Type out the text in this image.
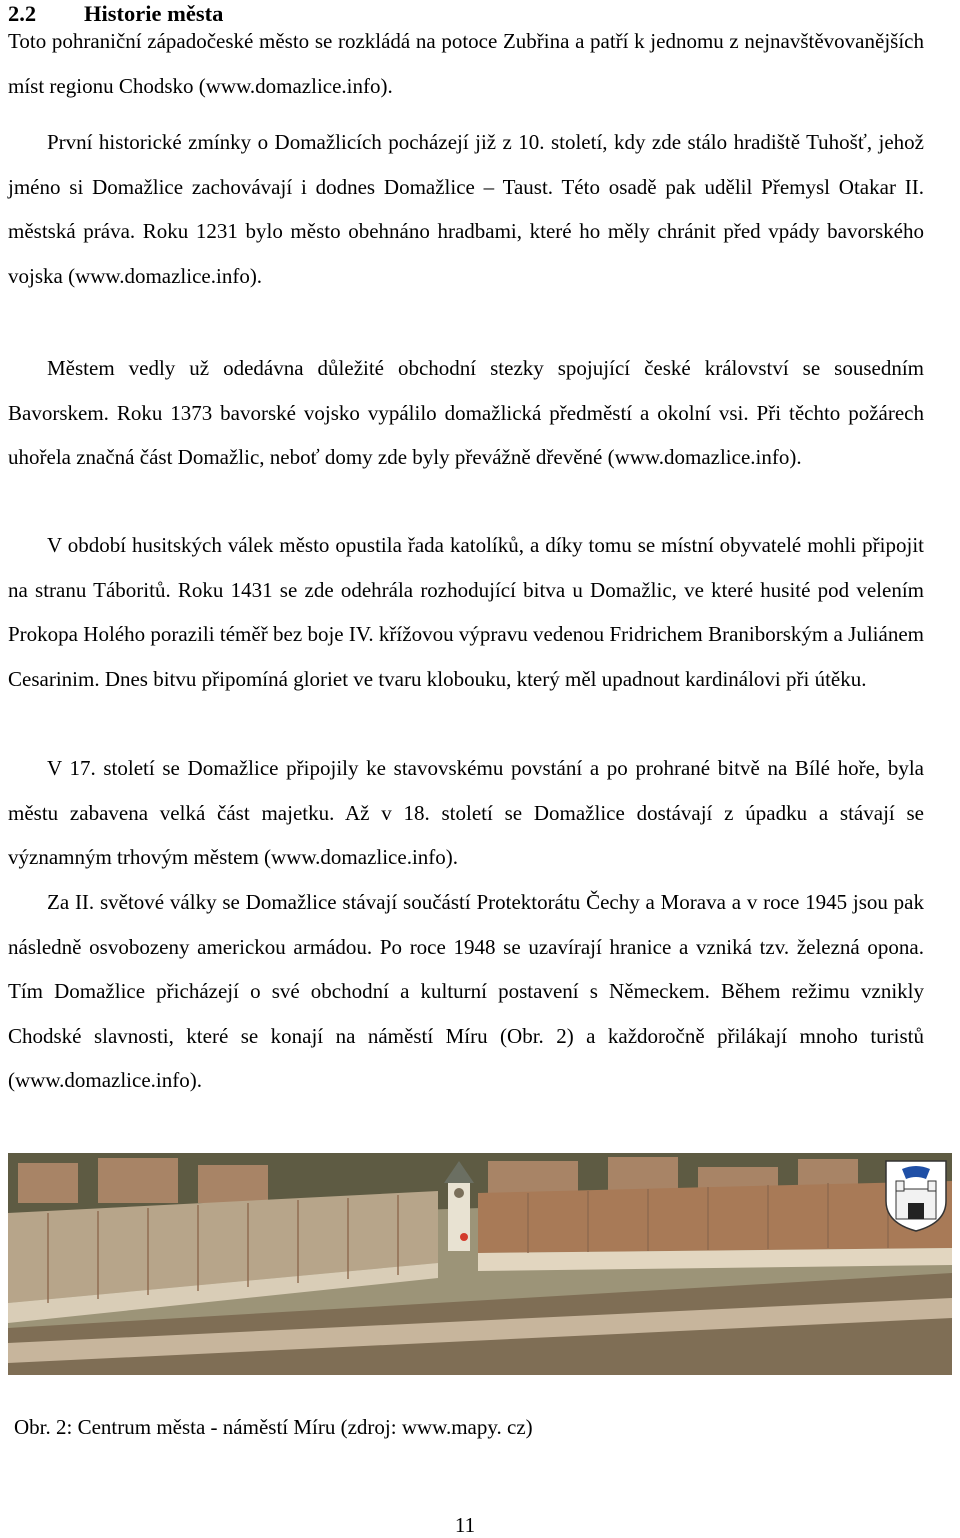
2.2 Historie města

Toto pohraniční západočeské město se rozkládá na potoce Zubřina a patří k jednomu z nejnavštěvovanějších míst regionu Chodsko (www.domazlice.info).

První historické zmínky o Domažlicích pocházejí již z 10. století, kdy zde stálo hradiště Tuhošť, jehož jméno si Domažlice zachovávají i dodnes Domažlice – Taust. Této osadě pak udělil Přemysl Otakar II. městská práva. Roku 1231 bylo město obehnáno hradbami, které ho měly chránit před vpády bavorského vojska (www.domazlice.info).

Městem vedly už odedávna důležité obchodní stezky spojující české království se sousedním Bavorskem. Roku 1373 bavorské vojsko vypálilo domažlická předměstí a okolní vsi. Při těchto požárech uhořela značná část Domažlic, neboť domy zde byly převážně dřevěné (www.domazlice.info).

V období husitských válek město opustila řada katolíků, a díky tomu se místní obyvatelé mohli připojit na stranu Táboritů. Roku 1431 se zde odehrála rozhodující bitva u Domažlic, ve které husité pod velením Prokopa Holého porazili téměř bez boje IV. křížovou výpravu vedenou Fridrichem Braniborským a Juliánem Cesarinim. Dnes bitvu připomíná gloriet ve tvaru klobouku, který měl upadnout kardinálovi při útěku.

V 17. století se Domažlice připojily ke stavovskému povstání a po prohrané bitvě na Bílé hoře, byla městu zabavena velká část majetku. Až v 18. století se Domažlice dostávají z úpadku a stávají se významným trhovým městem (www.domazlice.info).

Za II. světové války se Domažlice stávají součástí Protektorátu Čechy a Morava a v roce 1945 jsou pak následně osvobozeny americkou armádou. Po roce 1948 se uzavírají hranice a vzniká tzv. železná opona. Tím Domažlice přicházejí o své obchodní a kulturní postavení s Německem. Během režimu vznikly Chodské slavnosti, které se konají na náměstí Míru (Obr. 2) a každoročně přilákají mnoho turistů (www.domazlice.info).

Obr. 2: Centrum města - náměstí Míru (zdroj: www.mapy. cz)
11
